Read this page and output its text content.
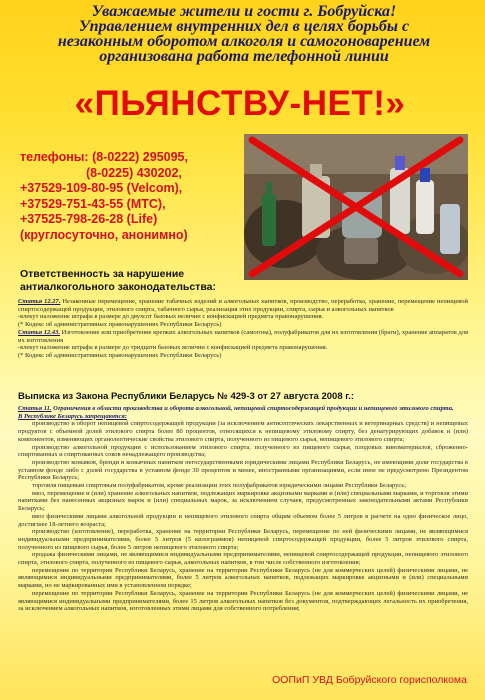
Уважаемые жители и гости г. Бобруйска!
Управлением внутренних дел в целях борьбы с
незаконным оборотом алкоголя и самогоноварением
организована работа телефонной линии
«ПЬЯНСТВУ-НЕТ!»
телефоны: (8-0222) 295095,
(8-0225) 430202,
+37529-109-80-95 (Velcom),
+37529-751-43-55 (МТС),
+37525-798-26-28 (Life)
(круглосуточно, анонимно)
Ответственность за нарушение антиалкогольного законодательства:

Статья 12.27. Незаконные перемещение, хранение табачных изделий и алкогольных напитков, производство, переработка, хранение, перемещение непищевой спиртосодержащей продукции, этилового спирта, табачного сырья, реализация этих продукции, спирта, сырья и алкогольных напитков

-влекут наложение штрафа в размере до двухсот базовых величин с конфискацией предмета правонарушения.

(* Кодекс об административных правонарушениях Республики Беларусь)

Статья 12.43. Изготовление или приобретение крепких алкогольных напитков (самогона), полуфабрикатов для их изготовления (браги), хранение аппаратов для их изготовления

-влекут наложение штрафа в размере до тридцати базовых величин с конфискацией предмета правонарушения.

(* Кодекс об административных правонарушениях Республики Беларусь)

Выписка из Закона Республики Беларусь № 429-3 от 27 августа 2008 г.:

Статья 11. Ограничения в области производства и оборота алкогольной, непищевой спиртосодержащей продукции и непищевого этилового спирта.

В Республике Беларусь запрещаются:

производство и оборот непищевой спиртосодержащей продукции (за исключением антисептических лекарственных и ветеринарных средств) и непищевых продуктов с объемной долей этилового спирта более 80 процентов, относящихся к непищевому этиловому спирту, без денатурирующих добавок и (или) компонентов, изменяющих органолептические свойства этилового спирта, полученного из пищевого сырья, непищевого этилового спирта;

производство алкогольной продукции с использованием этилового спирта, полученного из пищевого сырья, плодовых виноматериалов, сброженно-спиртованных и спиртованных соков ненадлежащего производства;

производство коньяков, бренди и коньячных напитков негосударственными юридическими лицами Республики Беларусь, не имеющими доли государства в уставном фонде либо с долей государства в уставном фонде 30 процентов и менее, иностранными организациями, если иное не предусмотрено Президентом Республики Беларусь;

торговля пищевым спиртовым полуфабрикатом, кроме реализации этих полуфабрикатов юридическими лицами Республики Беларусь;

ввоз, перемещение и (или) хранение алкогольных напитков, подлежащих маркировке акцизными марками и (или) специальными марками, и торговля этими напитками без нанесенных акцизных марок и (или) специальных марок, за исключением случаев, предусмотренных законодательными актами Республики Беларусь;

ввоз физическими лицами алкогольной продукции и непищевого этилового спирта общим объемом более 5 литров в расчете на одно физическое лицо, достигшее 18-летнего возраста;

производство (изготовление), переработка, хранение на территории Республики Беларусь, перемещение по ней физическими лицами, не являющимися индивидуальными предпринимателями, более 5 литров (5 килограммов) непищевой спиртосодержащей продукции, более 5 литров этилового спирта, полученного из пищевого сырья, более 5 литров непищевого этилового спирта;

продажа физическими лицами, не являющимися индивидуальными предпринимателями, непищевой спиртосодержащей продукции, непищевого этилового спирта, этилового спирта, полученного из пищевого сырья, алкогольных напитков, в том числе собственного изготовления;

перемещение по территории Республики Беларусь, хранение на территории Республики Беларусь (не для коммерческих целей) физическими лицами, не являющимися индивидуальными предпринимателями, более 5 литров алкогольных напитков, подлежащих маркировке акцизными и (или) специальными марками, но не маркированных ими в установленном порядке;

перемещение по территории Республики Беларусь, хранение на территории Республики Беларусь (не для коммерческих целей) физическими лицами, не являющимися индивидуальными предпринимателями, более 15 литров алкогольных напитков без документов, подтверждающих легальность их приобретения, за исключением алкогольных напитков, изготовленных этими лицами для собственного потребления;

ООПиП УВД Бобруйского горисполкома
